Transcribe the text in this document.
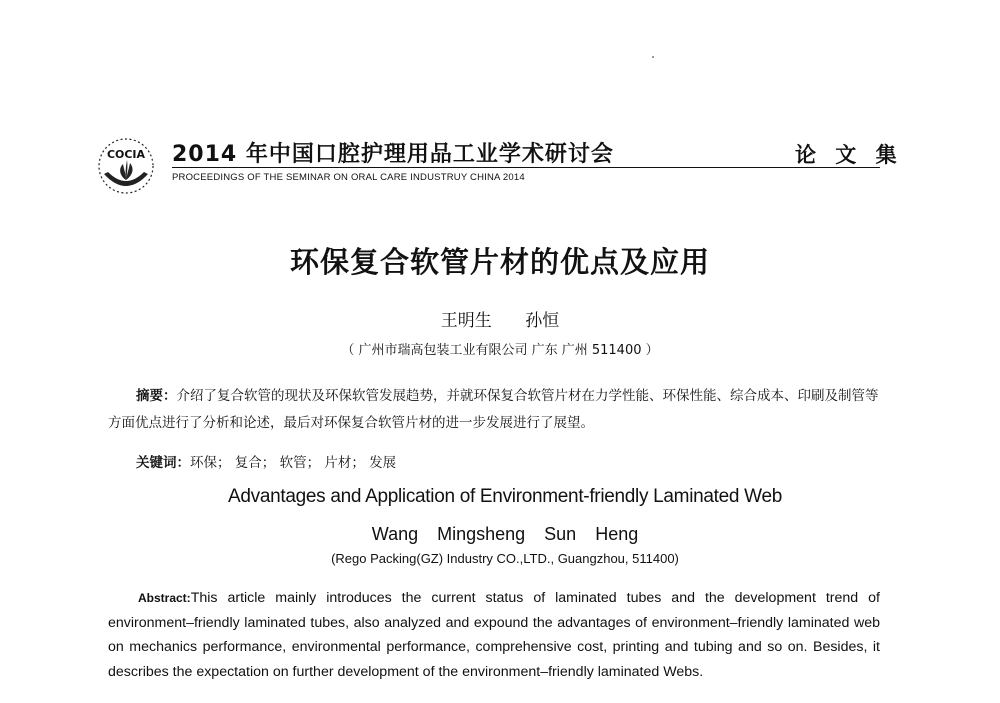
COCIA 2014 年中国口腔护理用品工业学术研讨会	论 文 集
PROCEEDINGS OF THE SEMINAR ON ORAL CARE INDUSTRUY CHINA 2014
环保复合软管片材的优点及应用
王明生 孙恒
（ 广州市瑞高包装工业有限公司 广东 广州 511400 ）
摘要：介绍了复合软管的现状及环保软管发展趋势，并就环保复合软管片材在力学性能、环保性能、综合成本、印刷及制管等方面优点进行了分析和论述，最后对环保复合软管片材的进一步发展进行了展望。
关键词：环保； 复合； 软管； 片材； 发展
Advantages and Application of Environment-friendly Laminated Web
Wang Mingsheng Sun Heng
(Rego Packing(GZ) Industry CO.,LTD., Guangzhou, 511400)
Abstract:This article mainly introduces the current status of laminated tubes and the development trend of environment–friendly laminated tubes, also analyzed and expound the advantages of environment–friendly laminated web on mechanics performance, environmental performance, comprehensive cost, printing and tubing and so on. Besides, it describes the expectation on further development of the environment–friendly laminated Webs.
